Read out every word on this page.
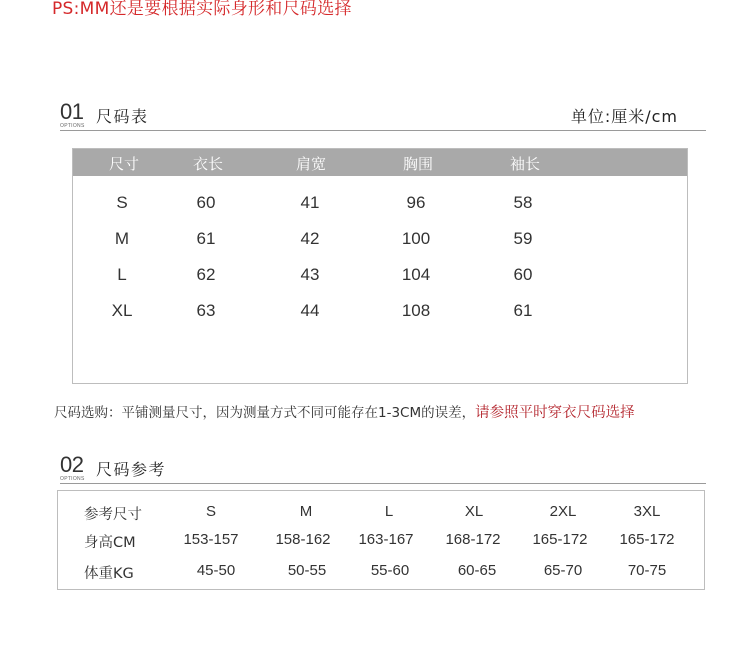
PS:MM还是要根据实际身形和尺码选择
01
OPTIONS 尺码表	单位:厘米/cm
尺寸	衣长	肩宽	胸围	袖长
S	60	41	96	58
M	61	42	100	59
L	62	43	104	60
XL	63	44	108	61
尺码选购：平铺测量尺寸，因为测量方式不同可能存在1-3CM的误差，请参照平时穿衣尺码选择
02
OPTIONS 尺码参考
参考尺寸	S	M	L	XL	2XL	3XL
身高CM	153-157 158-162 163-167 168-172 165-172 165-172
体重KG	45-50	50-55	55-60	60-65	65-70	70-75
